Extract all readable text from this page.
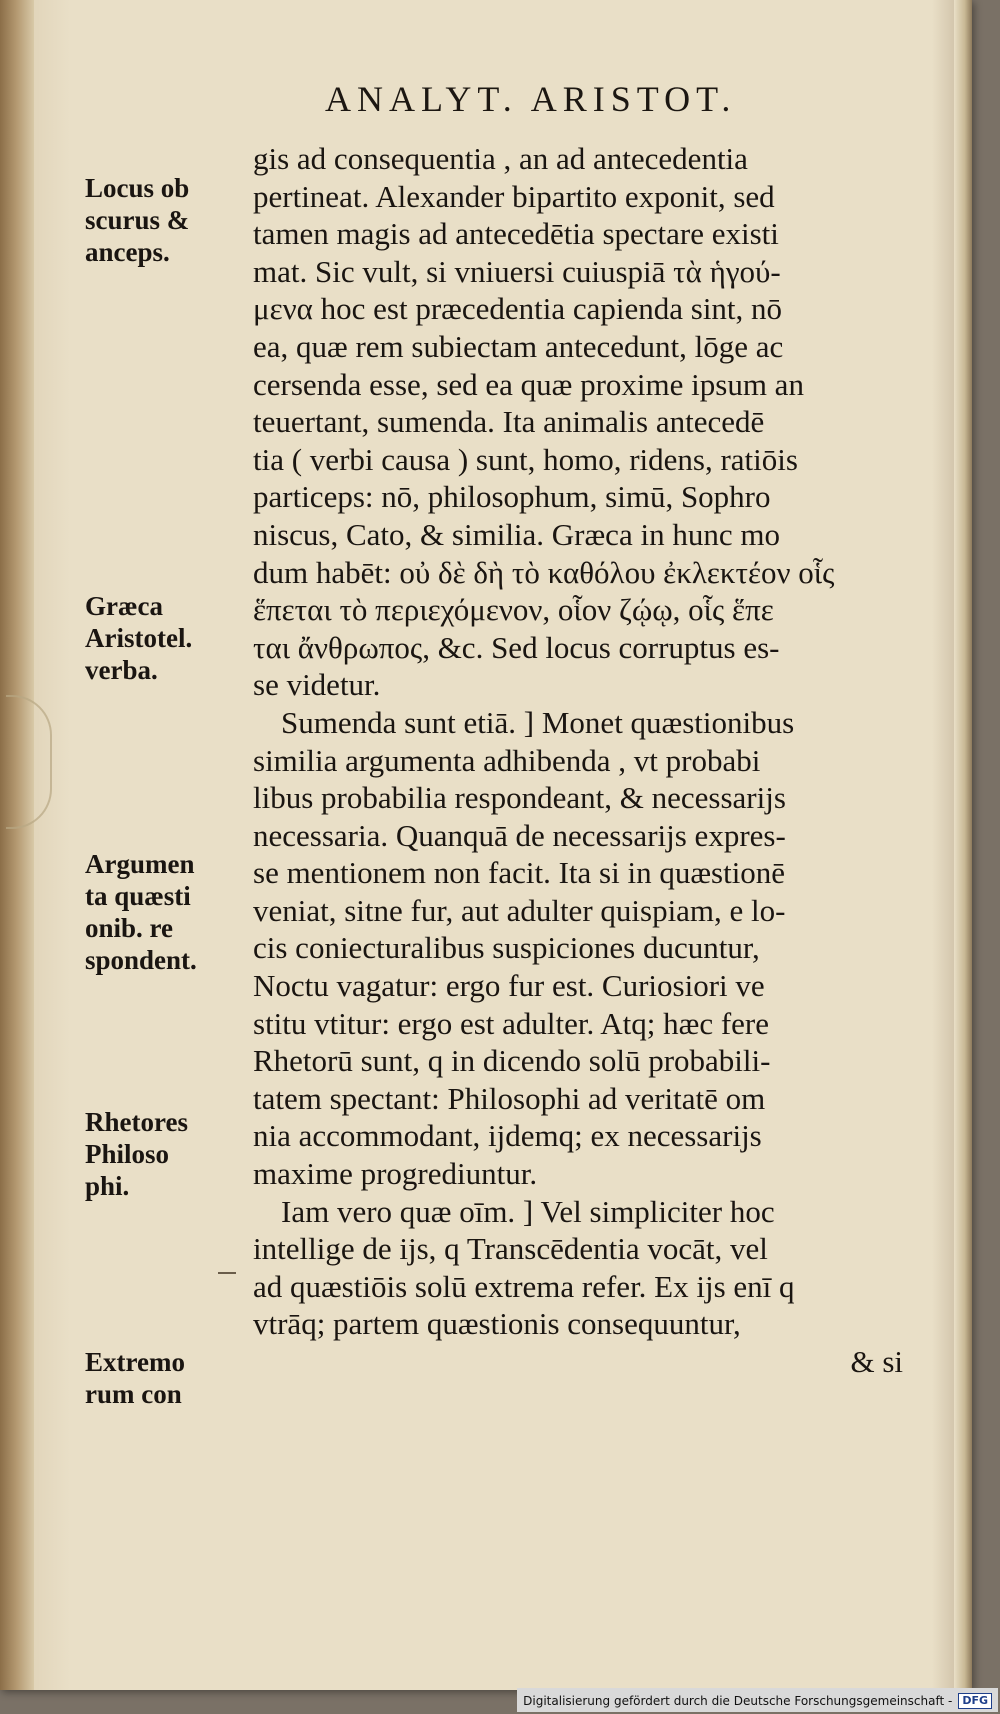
ANALYT. ARISTOT.
gis ad consequentia , an ad antecedentia
pertineat. Alexander bipartito exponit, sed
tamen magis ad antecedētia spectare existi
mat. Sic vult, si vniuersi cuiuspiā τὰ ἡγού-
μενα hoc est præcedentia capienda sint, nō
ea, quæ rem subiectam antecedunt, lōge ac
cersenda esse, sed ea quæ proxime ipsum an
teuertant, sumenda. Ita animalis antecedē
tia ( verbi causa ) sunt, homo, ridens, ratiōis
particeps: nō, philosophum, simū, Sophro
niscus, Cato, & similia. Græca in hunc mo
dum habēt: οὐ δὲ δὴ τὸ καθόλου ἐκλεκτέον οἷς
ἕπεται τὸ περιεχόμενον, οἷον ζῴῳ, οἷς ἕπε
ται ἄνθρωπος, &c. Sed locus corruptus es-
se videtur.
Sumenda sunt etiā. ] Monet quæstionibus
similia argumenta adhibenda , vt probabi
libus probabilia respondeant, & necessarijs
necessaria. Quanquā de necessarijs expres-
se mentionem non facit. Ita si in quæstionē
veniat, sitne fur, aut adulter quispiam, e lo-
cis coniecturalibus suspiciones ducuntur,
Noctu vagatur: ergo fur est. Curiosiori ve
stitu vtitur: ergo est adulter. Atq; hæc fere
Rhetorū sunt, q in dicendo solū probabili-
tatem spectant: Philosophi ad veritatē om
nia accommodant, ijdemq; ex necessarijs
maxime progrediuntur.
Iam vero quæ oīm. ] Vel simpliciter hoc
intellige de ijs, q Transcēdentia vocāt, vel
ad quæstiōis solū extrema refer. Ex ijs enī q
vtrāq; partem quæstionis consequuntur,
& si
Locus ob
scurus &
anceps.
Græca
Aristotel.
verba.
Argumen
ta quæsti
onib. re
spondent.
Rhetores
Philoso
phi.
Extremo
rum con
Digitalisierung gefördert durch die Deutsche Forschungsgemeinschaft - DFG
